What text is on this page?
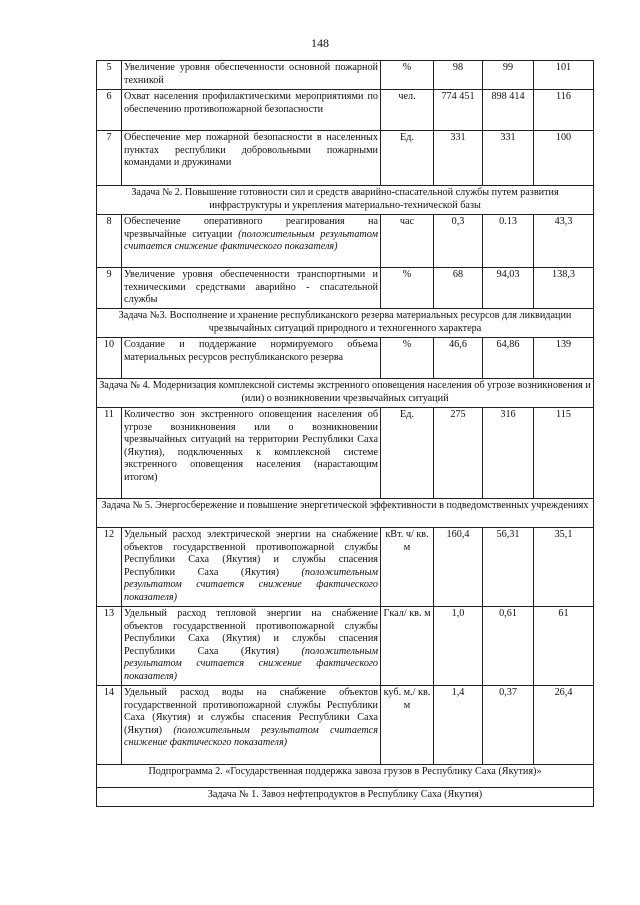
148
5	Увеличение уровня обеспеченности основной пожарной техникой	%	98	99	101
6	Охват населения профилактическими мероприятиями по обеспечению противопожарной безопасности	чел.	774 451	898 414	116
7	Обеспечение мер пожарной безопасности в населенных пунктах республики добровольными пожарными командами и дружинами	Ед.	331	331	100
Задача № 2. Повышение готовности сил и средств аварийно-спасательной службы путем развития инфраструктуры и укрепления материально-технической базы					
8	Обеспечение оперативного реагирования на чрезвычайные ситуации (положительным результатом считается снижение фактического показателя)	час	0,3	0.13	43,3
9	Увеличение уровня обеспеченности транспортными и техническими средствами аварийно - спасательной службы	%	68	94,03	138,3
Задача №3. Восполнение и хранение республиканского резерва материальных ресурсов для ликвидации чрезвычайных ситуаций природного и техногенного характера					
10	Создание и поддержание нормируемого объема материальных ресурсов республиканского резерва	%	46,6	64,86	139
Задача № 4. Модернизация комплексной системы экстренного оповещения населения об угрозе возникновения и (или) о возникновении чрезвычайных ситуаций					
11	Количество зон экстренного оповещения населения об угрозе возникновения или о возникновении чрезвычайных ситуаций на территории Республики Саха (Якутия), подключенных к комплексной системе экстренного оповещения населения (нарастающим итогом)	Ед.	275	316	115
Задача № 5. Энергосбережение и повышение энергетической эффективности в подведомственных учреждениях					
12	Удельный расход электрической энергии на снабжение объектов государственной противопожарной службы Республики Саха (Якутия) и службы спасения Республики Саха (Якутия) (положительным результатом считается снижение фактического показателя)	кВт. ч/ кв. м	160,4	56,31	35,1
13	Удельный расход тепловой энергии на снабжение объектов государственной противопожарной службы Республики Саха (Якутия) и службы спасения Республики Саха (Якутия) (положительным результатом считается снижение фактического показателя)	Гкал/ кв. м	1,0	0,61	61
14	Удельный расход воды на снабжение объектов государственной противопожарной службы Республики Саха (Якутия) и службы спасения Республики Саха (Якутия) (положительным результатом считается снижение фактического показателя)	куб. м./ кв. м	1,4	0,37	26,4
Подпрограмма 2. «Государственная поддержка завоза грузов в Республику Саха (Якутия)»					
Задача № 1. Завоз нефтепродуктов в Республику Саха (Якутия)					
